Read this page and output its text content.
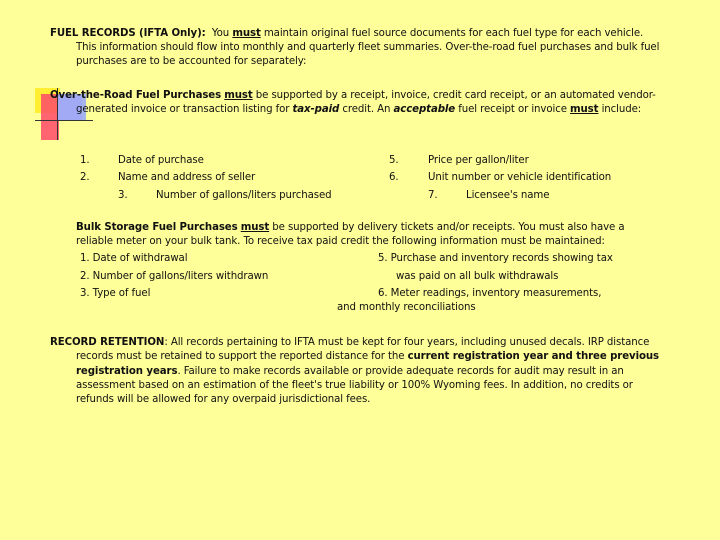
FUEL RECORDS (IFTA Only): You must maintain original fuel source documents for each fuel type for each vehicle.
This information should flow into monthly and quarterly fleet summaries. Over-the-road fuel purchases and bulk fuel
purchases are to be accounted for separately:
Over-the-Road Fuel Purchases must be supported by a receipt, invoice, credit card receipt, or an automated vendor-
generated invoice or transaction listing for tax-paid credit. An acceptable fuel receipt or invoice must include:
1.	Date of purchase
2.	Name and address of seller
3.	Number of gallons/liters purchased
5.	Price per gallon/liter
6.	Unit number or vehicle identification
7.	Licensee's name
Bulk Storage Fuel Purchases must be supported by delivery tickets and/or receipts. You must also have a
reliable meter on your bulk tank. To receive tax paid credit the following information must be maintained:
1. Date of withdrawal
2. Number of gallons/liters withdrawn
3. Type of fuel
5. Purchase and inventory records showing tax
was paid on all bulk withdrawals
6. Meter readings, inventory measurements,
and monthly reconciliations
RECORD RETENTION: All records pertaining to IFTA must be kept for four years, including unused decals. IRP distance
records must be retained to support the reported distance for the current registration year and three previous
registration years. Failure to make records available or provide adequate records for audit may result in an
assessment based on an estimation of the fleet's true liability or 100% Wyoming fees. In addition, no credits or
refunds will be allowed for any overpaid jurisdictional fees.
